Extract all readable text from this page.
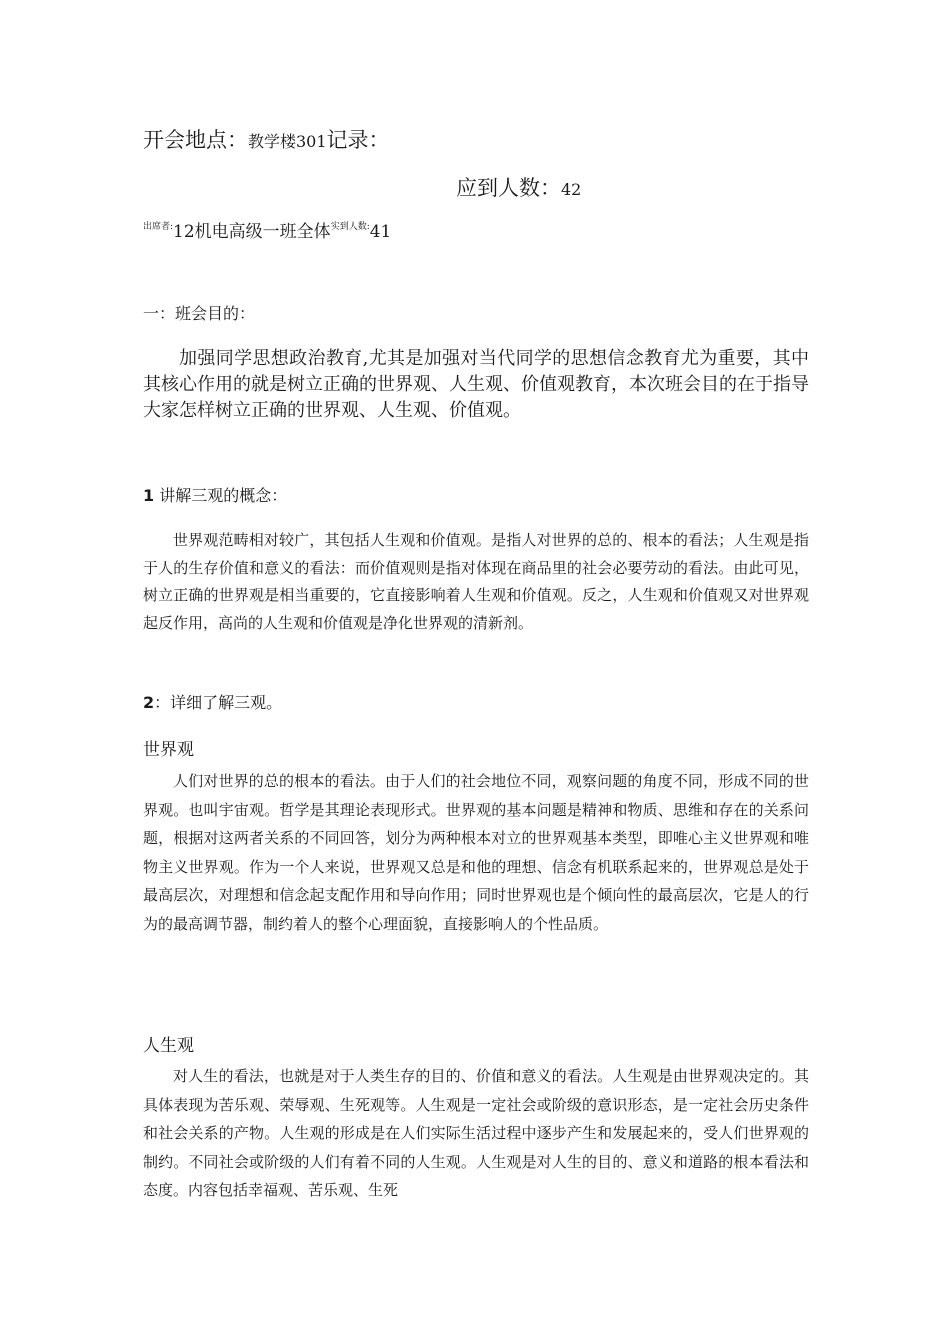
开会地点：教学楼301记录：
应到人数：42
$^{出席者:}$12机电高级一班全体$^{实到人数:}$41
一：班会目的：

加强同学思想政治教育,尤其是加强对当代同学的思想信念教育尤为重要，其中其核心作用的就是树立正确的世界观、人生观、价值观教育，本次班会目的在于指导大家怎样树立正确的世界观、人生观、价值观。

1 讲解三观的概念：

世界观范畴相对较广，其包括人生观和价值观。是指人对世界的总的、根本的看法；人生观是指于人的生存价值和意义的看法：而价值观则是指对体现在商品里的社会必要劳动的看法。由此可见，树立正确的世界观是相当重要的，它直接影响着人生观和价值观。反之，人生观和价值观又对世界观起反作用，高尚的人生观和价值观是净化世界观的清新剂。

2：详细了解三观。
世界观

人们对世界的总的根本的看法。由于人们的社会地位不同，观察问题的角度不同，形成不同的世界观。也叫宇宙观。哲学是其理论表现形式。世界观的基本问题是精神和物质、思维和存在的关系问题，根据对这两者关系的不同回答，划分为两种根本对立的世界观基本类型，即唯心主义世界观和唯物主义世界观。作为一个人来说，世界观又总是和他的理想、信念有机联系起来的，世界观总是处于最高层次，对理想和信念起支配作用和导向作用；同时世界观也是个倾向性的最高层次，它是人的行为的最高调节器，制约着人的整个心理面貌，直接影响人的个性品质。

人生观

对人生的看法，也就是对于人类生存的目的、价值和意义的看法。人生观是由世界观决定的。其具体表现为苦乐观、荣辱观、生死观等。人生观是一定社会或阶级的意识形态，是一定社会历史条件和社会关系的产物。人生观的形成是在人们实际生活过程中逐步产生和发展起来的，受人们世界观的制约。不同社会或阶级的人们有着不同的人生观。人生观是对人生的目的、意义和道路的根本看法和态度。内容包括幸福观、苦乐观、生死
